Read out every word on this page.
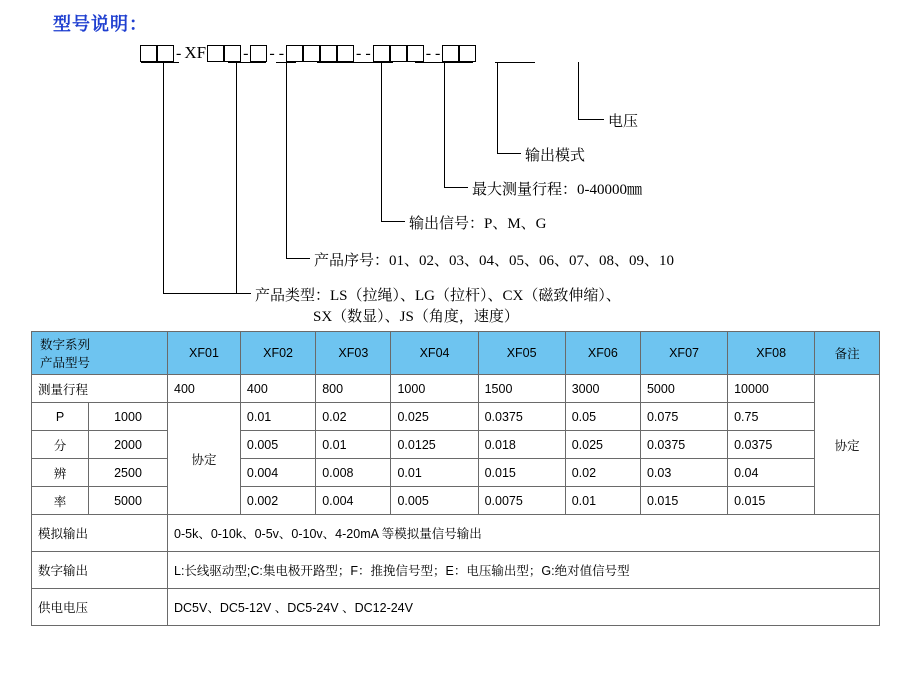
型号说明：
- XF - - -	- -	- -
电压
输出模式
最大测量行程：0-40000㎜
输出信号：P、M、G
产品序号：01、02、03、04、05、06、07、08、09、10
产品类型：LS（拉绳）、LG（拉杆）、CX（磁致伸缩）、
SX（数显）、JS（角度，速度）
数字系列
产品型号		XF01	XF02	XF03	XF04	XF05	XF06	XF07	XF08	备注

测量行程		400	400	800	1000	1500	3000	5000	10000	协定
P	1000	协定	0.01	0.02	0.025	0.0375	0.05	0.075	0.75	
分	2000		0.005	0.01	0.0125	0.018	0.025	0.0375	0.0375	
辨	2500		0.004	0.008	0.01	0.015	0.02	0.03	0.04	
率	5000		0.002	0.004	0.005	0.0075	0.01	0.015	0.015	
模拟输出		0-5k、0-10k、0-5v、0-10v、4-20mA 等模拟量信号输出								
数字输出		L:长线驱动型;C:集电极开路型；F：推挽信号型；E：电压输出型；G:绝对值信号型								
供电电压		DC5V、DC5-12V 、DC5-24V 、DC12-24V								
